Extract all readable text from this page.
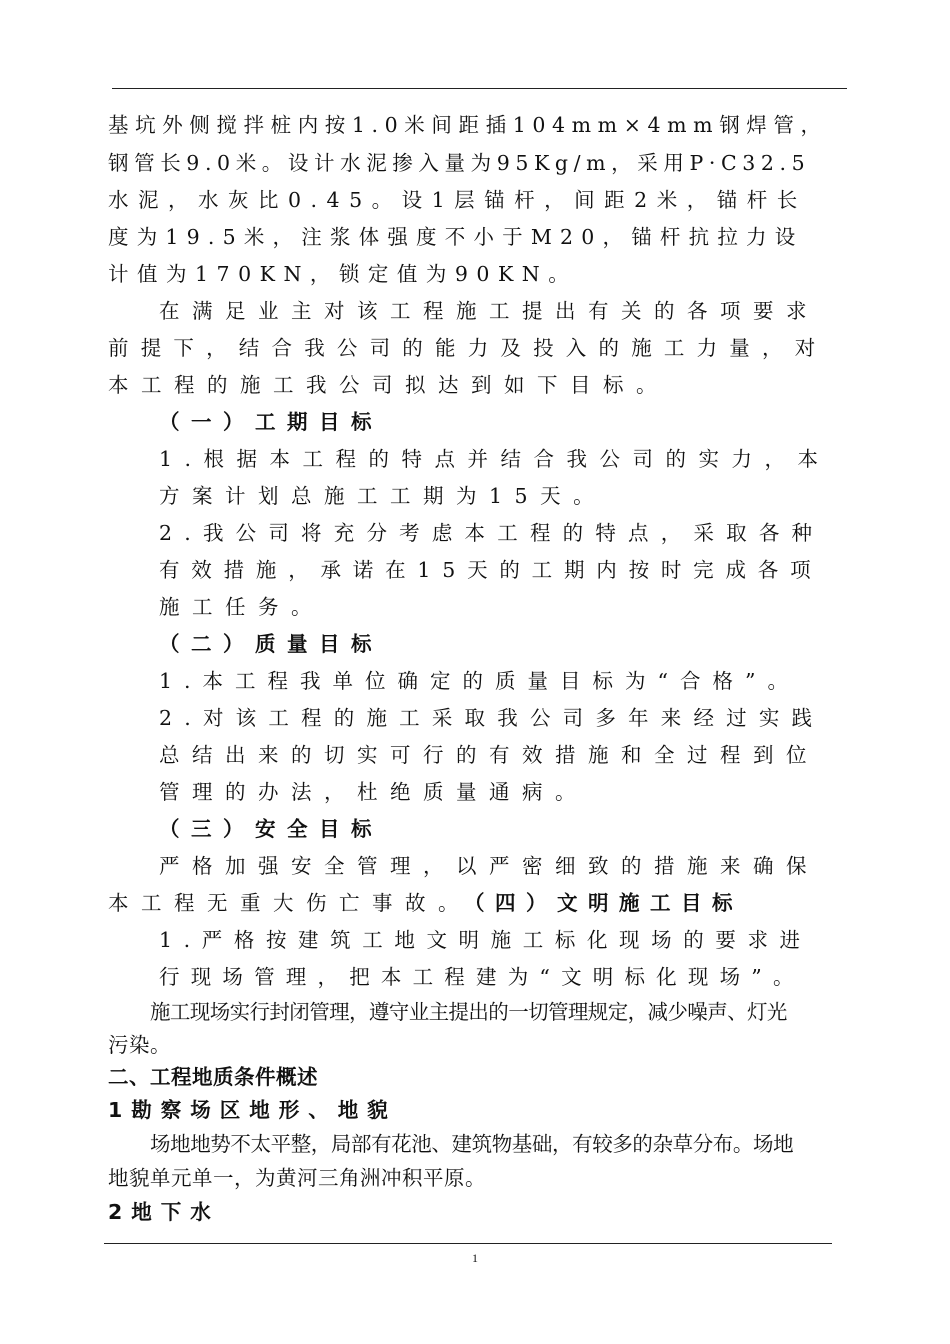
基坑外侧搅拌桩内按1.0米间距插104mm×4mm钢焊管，
钢管长9.0米。设计水泥掺入量为95Kg/m，采用P·C32.5
水泥，水灰比0.45。设1层锚杆，间距2米，锚杆长
度为19.5米，注浆体强度不小于M20，锚杆抗拉力设
计值为170KN，锁定值为90KN。
在满足业主对该工程施工提出有关的各项要求
前提下，结合我公司的能力及投入的施工力量，对
本工程的施工我公司拟达到如下目标。
（一）工期目标
1.根据本工程的特点并结合我公司的实力，本
方案计划总施工工期为15天。
2.我公司将充分考虑本工程的特点，采取各种
有效措施，承诺在15天的工期内按时完成各项
施工任务。
（二）质量目标
1.本工程我单位确定的质量目标为“合格”。
2.对该工程的施工采取我公司多年来经过实践
总结出来的切实可行的有效措施和全过程到位
管理的办法，杜绝质量通病。
（三）安全目标
严格加强安全管理，以严密细致的措施来确保
本工程无重大伤亡事故。
（四）文明施工目标
1.严格按建筑工地文明施工标化现场的要求进
行现场管理，把本工程建为“文明标化现场”。
施工现场实行封闭管理，遵守业主提出的一切管理规定，减少噪声、灯光
污染。
二、工程地质条件概述
1勘察场区地形、地貌
场地地势不太平整，局部有花池、建筑物基础，有较多的杂草分布。场地
地貌单元单一，为黄河三角洲冲积平原。
2地下水
1
